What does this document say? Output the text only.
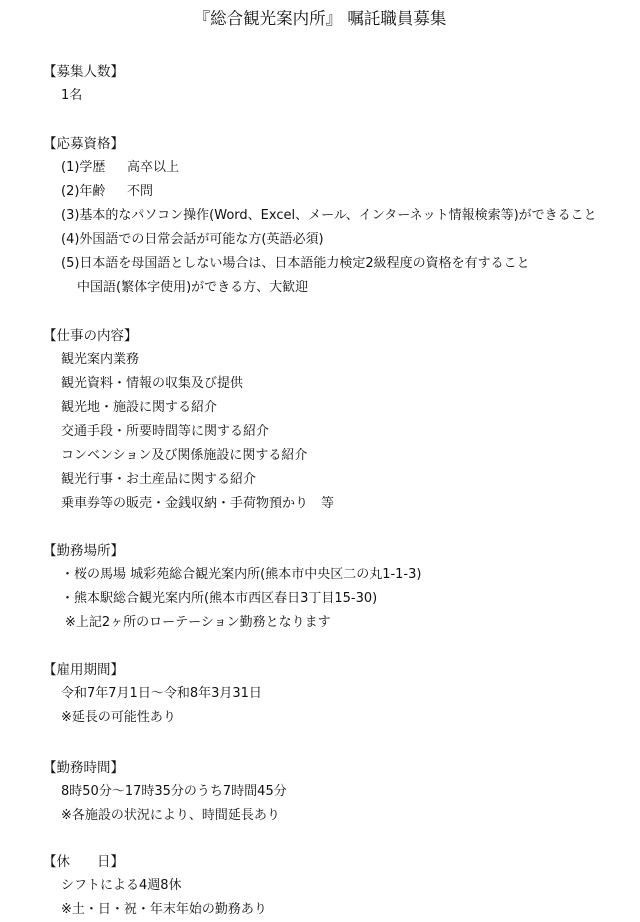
『総合観光案内所』 嘱託職員募集
【募集人数】
1名
【応募資格】
(1)学歴	高卒以上
(2)年齢	不問
(3)基本的なパソコン操作(Word、Excel、メール、インターネット情報検索等)ができること
(4)外国語での日常会話が可能な方(英語必須)
(5)日本語を母国語としない場合は、日本語能力検定2級程度の資格を有すること
中国語(繁体字使用)ができる方、大歓迎
【仕事の内容】
観光案内業務
観光資料・情報の収集及び提供
観光地・施設に関する紹介
交通手段・所要時間等に関する紹介
コンベンション及び関係施設に関する紹介
観光行事・お土産品に関する紹介
乗車券等の販売・金銭収納・手荷物預かり　等
【勤務場所】
・桜の馬場 城彩苑総合観光案内所(熊本市中央区二の丸1-1-3)
・熊本駅総合観光案内所(熊本市西区春日3丁目15-30)
※上記2ヶ所のローテーション勤務となります
【雇用期間】
令和7年7月1日～令和8年3月31日
※延長の可能性あり
【勤務時間】
8時50分～17時35分のうち7時間45分
※各施設の状況により、時間延長あり
【休　　日】
シフトによる4週8休
※土・日・祝・年末年始の勤務あり
